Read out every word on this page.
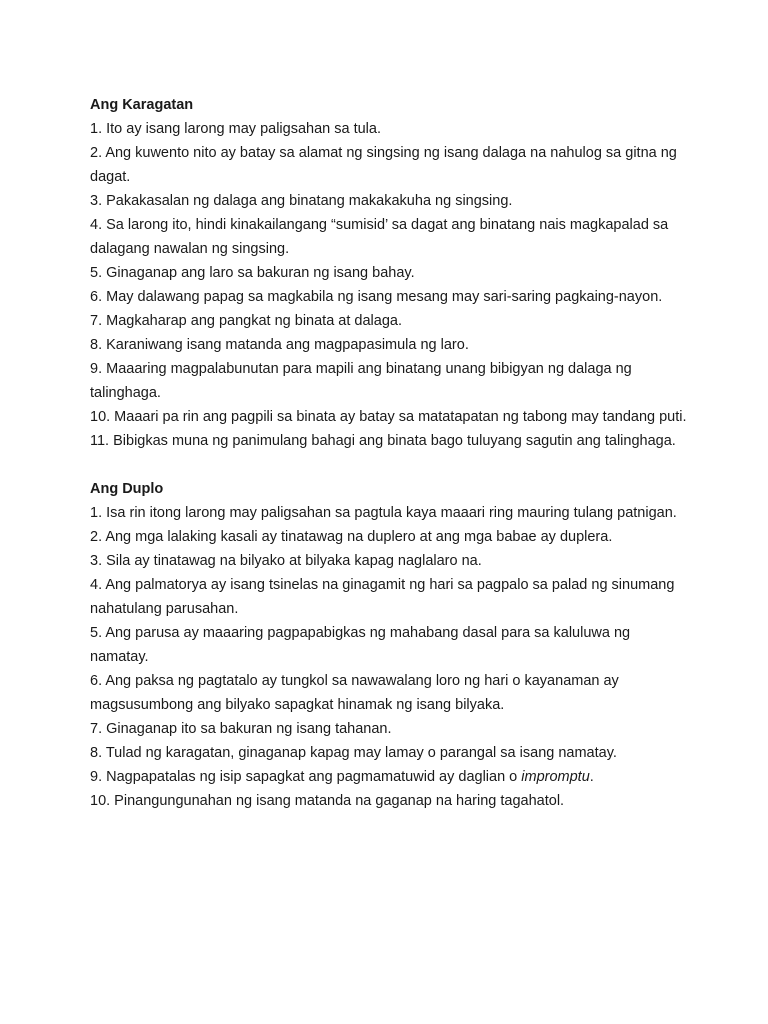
Ang Karagatan

1. Ito ay isang larong may paligsahan sa tula.

2. Ang kuwento nito ay batay sa alamat ng singsing ng isang dalaga na nahulog sa gitna ng dagat.

3. Pakakasalan ng dalaga ang binatang makakakuha ng singsing.

4. Sa larong ito, hindi kinakailangang “sumisid’ sa dagat ang binatang nais magkapalad sa dalagang nawalan ng singsing.

5. Ginaganap ang laro sa bakuran ng isang bahay.

6. May dalawang papag sa magkabila ng isang mesang may sari-saring pagkaing-nayon.

7. Magkaharap ang pangkat ng binata at dalaga.

8. Karaniwang isang matanda ang magpapasimula ng laro.

9. Maaaring magpalabunutan para mapili ang binatang unang bibigyan ng dalaga ng talinghaga.

10. Maaari pa rin ang pagpili sa binata ay batay sa matatapatan ng tabong may tandang puti.

11. Bibigkas muna ng panimulang bahagi ang binata bago tuluyang sagutin ang talinghaga.

Ang Duplo

1. Isa rin itong larong may paligsahan sa pagtula kaya maaari ring mauring tulang patnigan.

2. Ang mga lalaking kasali ay tinatawag na duplero at ang mga babae ay duplera.

3. Sila ay tinatawag na bilyako at bilyaka kapag naglalaro na.

4. Ang palmatorya ay isang tsinelas na ginagamit ng hari sa pagpalo sa palad ng sinumang nahatulang parusahan.

5. Ang parusa ay maaaring pagpapabigkas ng mahabang dasal para sa kaluluwa ng namatay.

6. Ang paksa ng pagtatalo ay tungkol sa nawawalang loro ng hari o kayanaman ay magsusumbong ang bilyako sapagkat hinamak ng isang bilyaka.

7. Ginaganap ito sa bakuran ng isang tahanan.

8. Tulad ng karagatan, ginaganap kapag may lamay o parangal sa isang namatay.

9. Nagpapatalas ng isip sapagkat ang pagmamatuwid ay daglian o impromptu.

10. Pinangungunahan ng isang matanda na gaganap na haring tagahatol.
